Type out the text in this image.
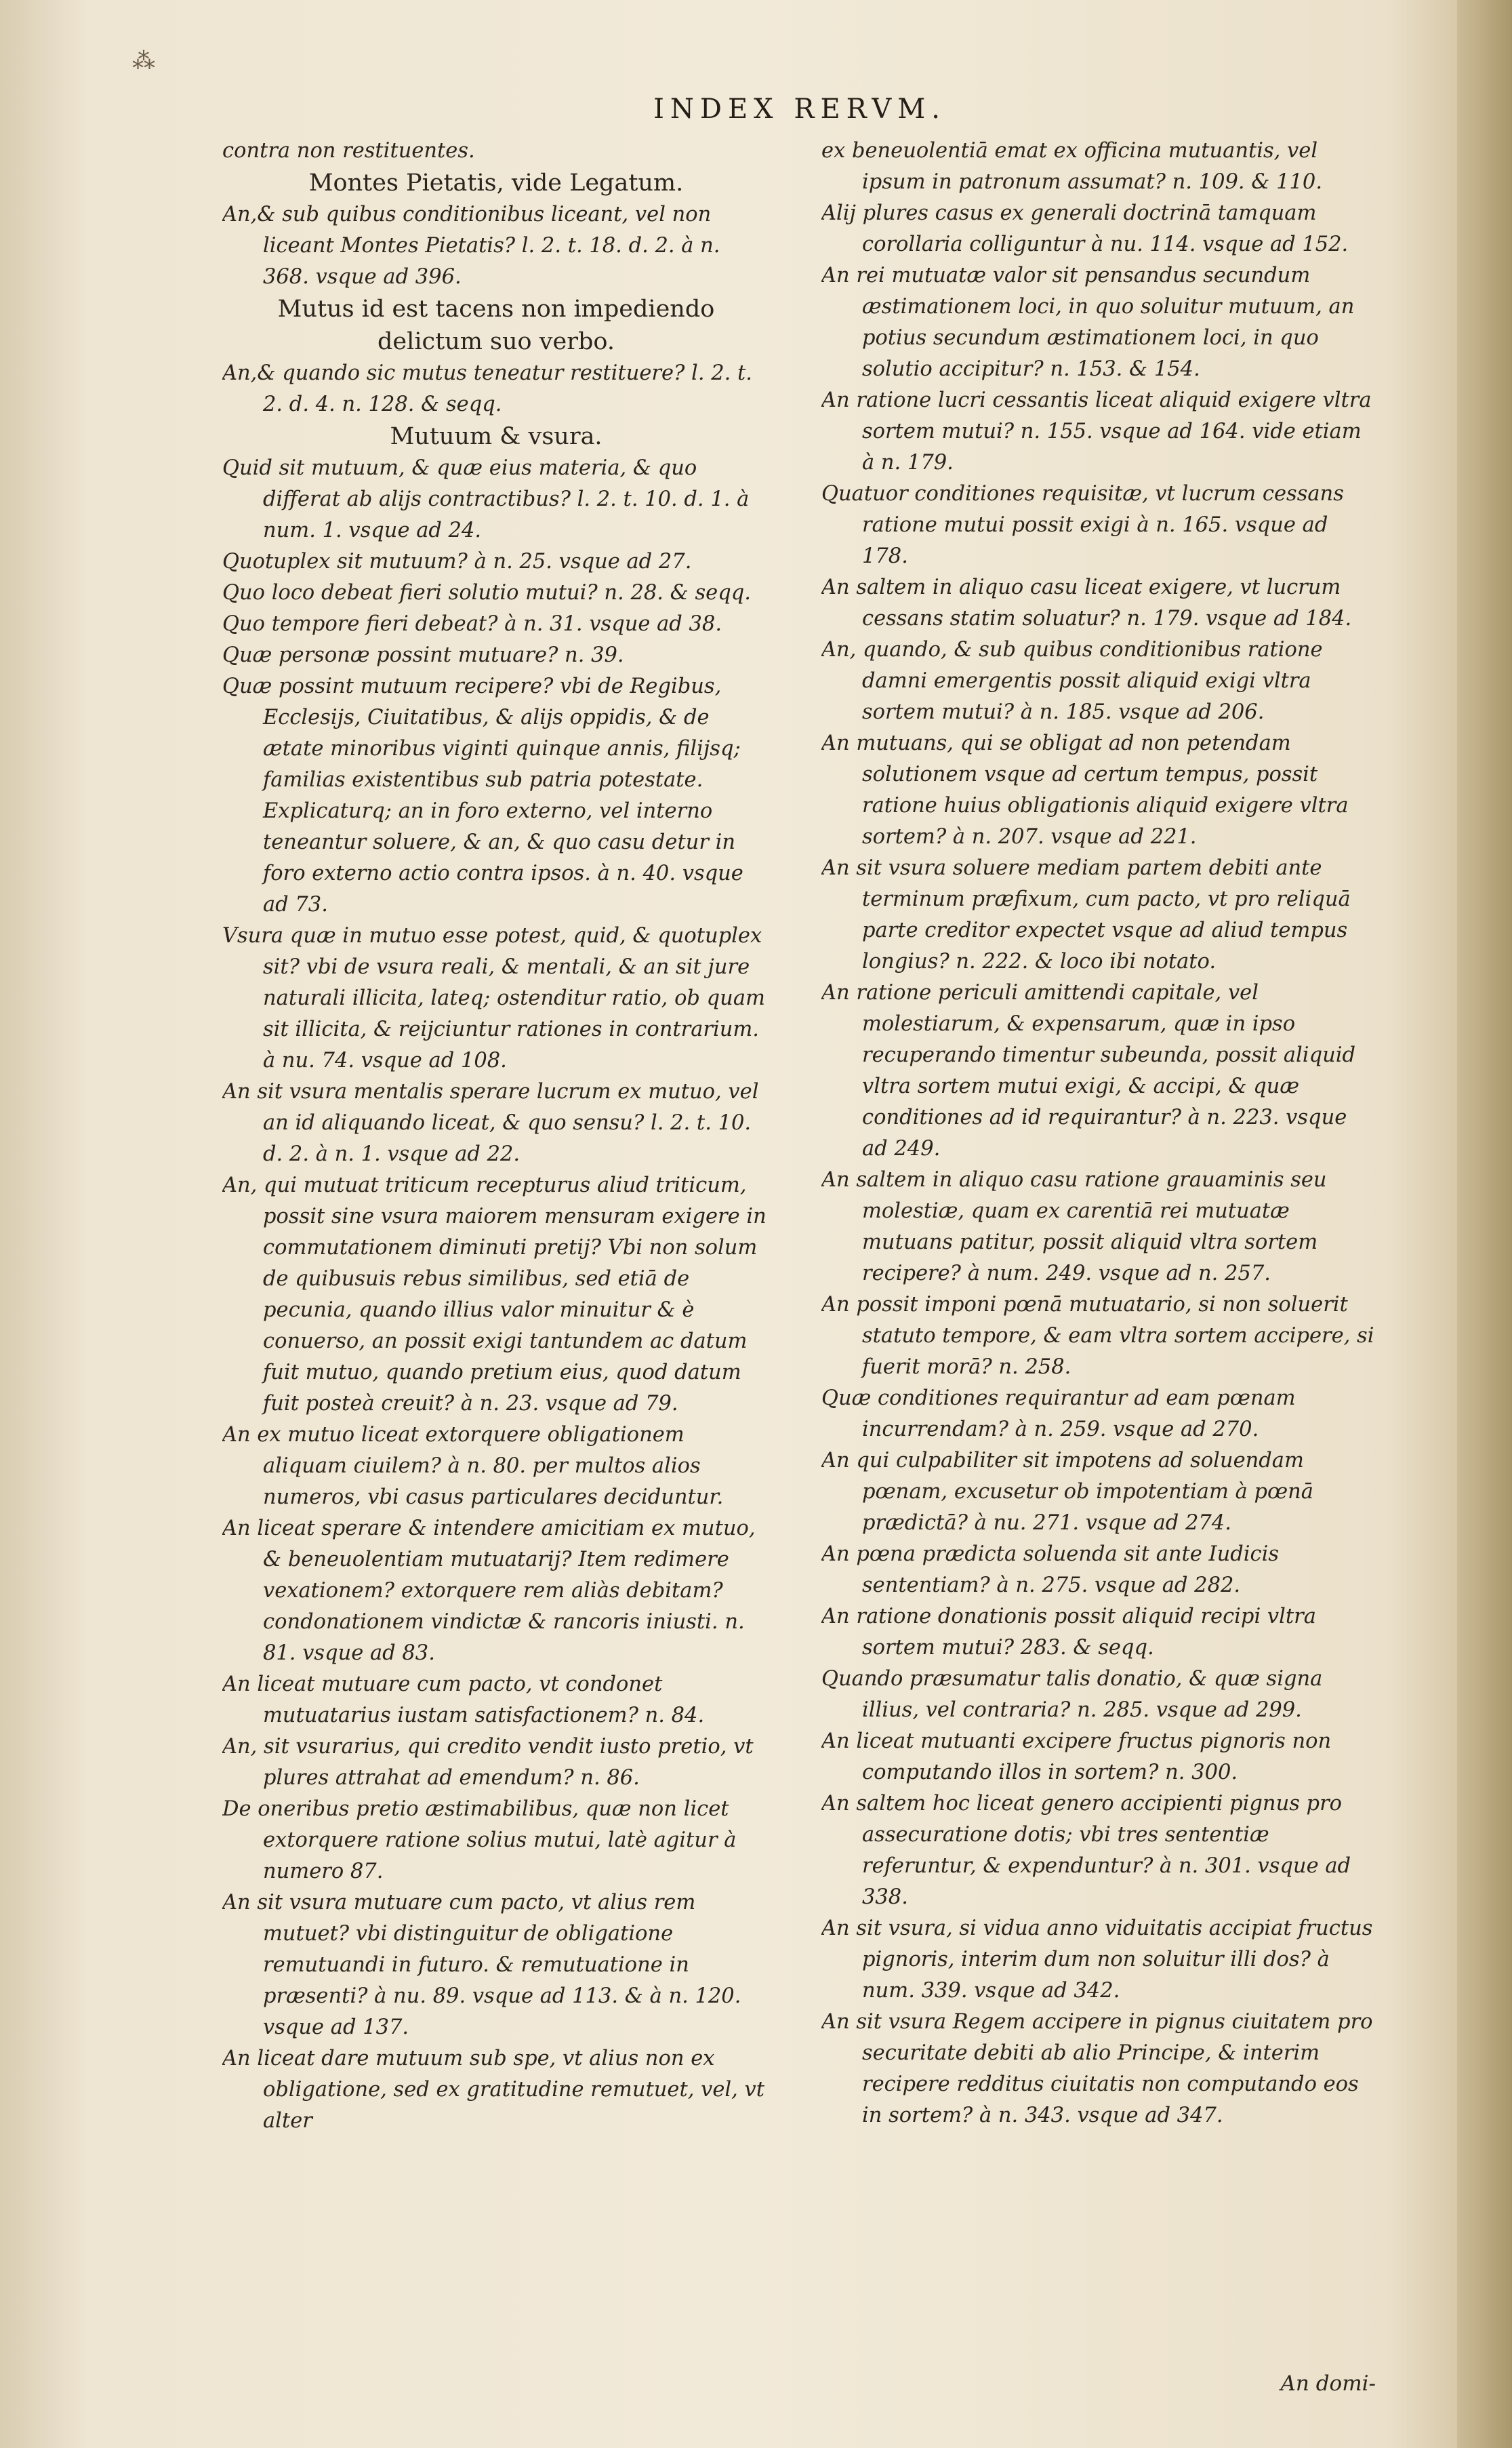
⁂
INDEX RERVM.

contra non restituentes.

Montes Pietatis, vide Legatum.

An,& sub quibus conditionibus liceant, vel non liceant Montes Pietatis? l. 2. t. 18. d. 2. à n. 368. vsque ad 396.

Mutus id est tacens non impediendo delictum suo verbo.

An,& quando sic mutus teneatur restituere? l. 2. t. 2. d. 4. n. 128. & seqq.

Mutuum & vsura.

Quid sit mutuum, & quæ eius materia, & quo differat ab alijs contractibus? l. 2. t. 10. d. 1. à num. 1. vsque ad 24.

Quotuplex sit mutuum? à n. 25. vsque ad 27.

Quo loco debeat fieri solutio mutui? n. 28. & seqq.

Quo tempore fieri debeat? à n. 31. vsque ad 38.

Quæ personæ possint mutuare? n. 39.

Quæ possint mutuum recipere? vbi de Regibus, Ecclesijs, Ciuitatibus, & alijs oppidis, & de ætate minoribus viginti quinque annis, filijsq; familias existentibus sub patria potestate. Explicaturq; an in foro externo, vel interno teneantur soluere, & an, & quo casu detur in foro externo actio contra ipsos. à n. 40. vsque ad 73.

Vsura quæ in mutuo esse potest, quid, & quotuplex sit? vbi de vsura reali, & mentali, & an sit jure naturali illicita, lateq; ostenditur ratio, ob quam sit illicita, & reijciuntur rationes in contrarium. à nu. 74. vsque ad 108.

An sit vsura mentalis sperare lucrum ex mutuo, vel an id aliquando liceat, & quo sensu? l. 2. t. 10. d. 2. à n. 1. vsque ad 22.

An, qui mutuat triticum recepturus aliud triticum, possit sine vsura maiorem mensuram exigere in commutationem diminuti pretij? Vbi non solum de quibusuis rebus similibus, sed etiā de pecunia, quando illius valor minuitur & è conuerso, an possit exigi tantundem ac datum fuit mutuo, quando pretium eius, quod datum fuit posteà creuit? à n. 23. vsque ad 79.

An ex mutuo liceat extorquere obligationem aliquam ciuilem? à n. 80. per multos alios numeros, vbi casus particulares deciduntur.

An liceat sperare & intendere amicitiam ex mutuo, & beneuolentiam mutuatarij? Item redimere vexationem? extorquere rem aliàs debitam? condonationem vindictæ & rancoris iniusti. n. 81. vsque ad 83.

An liceat mutuare cum pacto, vt condonet mutuatarius iustam satisfactionem? n. 84.

An, sit vsurarius, qui credito vendit iusto pretio, vt plures attrahat ad emendum? n. 86.

De oneribus pretio æstimabilibus, quæ non licet extorquere ratione solius mutui, latè agitur à numero 87.

An sit vsura mutuare cum pacto, vt alius rem mutuet? vbi distinguitur de obligatione remutuandi in futuro. & remutuatione in præsenti? à nu. 89. vsque ad 113. & à n. 120. vsque ad 137.

An liceat dare mutuum sub spe, vt alius non ex obligatione, sed ex gratitudine remutuet, vel, vt alter

ex beneuolentiā emat ex officina mutuantis, vel ipsum in patronum assumat? n. 109. & 110.

Alij plures casus ex generali doctrinā tamquam corollaria colliguntur à nu. 114. vsque ad 152.

An rei mutuatæ valor sit pensandus secundum æstimationem loci, in quo soluitur mutuum, an potius secundum æstimationem loci, in quo solutio accipitur? n. 153. & 154.

An ratione lucri cessantis liceat aliquid exigere vltra sortem mutui? n. 155. vsque ad 164. vide etiam à n. 179.

Quatuor conditiones requisitæ, vt lucrum cessans ratione mutui possit exigi à n. 165. vsque ad 178.

An saltem in aliquo casu liceat exigere, vt lucrum cessans statim soluatur? n. 179. vsque ad 184.

An, quando, & sub quibus conditionibus ratione damni emergentis possit aliquid exigi vltra sortem mutui? à n. 185. vsque ad 206.

An mutuans, qui se obligat ad non petendam solutionem vsque ad certum tempus, possit ratione huius obligationis aliquid exigere vltra sortem? à n. 207. vsque ad 221.

An sit vsura soluere mediam partem debiti ante terminum præfixum, cum pacto, vt pro reliquā parte creditor expectet vsque ad aliud tempus longius? n. 222. & loco ibi notato.

An ratione periculi amittendi capitale, vel molestiarum, & expensarum, quæ in ipso recuperando timentur subeunda, possit aliquid vltra sortem mutui exigi, & accipi, & quæ conditiones ad id requirantur? à n. 223. vsque ad 249.

An saltem in aliquo casu ratione grauaminis seu molestiæ, quam ex carentiā rei mutuatæ mutuans patitur, possit aliquid vltra sortem recipere? à num. 249. vsque ad n. 257.

An possit imponi pœnā mutuatario, si non soluerit statuto tempore, & eam vltra sortem accipere, si fuerit morā? n. 258.

Quæ conditiones requirantur ad eam pœnam incurrendam? à n. 259. vsque ad 270.

An qui culpabiliter sit impotens ad soluendam pœnam, excusetur ob impotentiam à pœnā prædictā? à nu. 271. vsque ad 274.

An pœna prædicta soluenda sit ante Iudicis sententiam? à n. 275. vsque ad 282.

An ratione donationis possit aliquid recipi vltra sortem mutui? 283. & seqq.

Quando præsumatur talis donatio, & quæ signa illius, vel contraria? n. 285. vsque ad 299.

An liceat mutuanti excipere fructus pignoris non computando illos in sortem? n. 300.

An saltem hoc liceat genero accipienti pignus pro assecuratione dotis; vbi tres sententiæ referuntur, & expenduntur? à n. 301. vsque ad 338.

An sit vsura, si vidua anno viduitatis accipiat fructus pignoris, interim dum non soluitur illi dos? à num. 339. vsque ad 342.

An sit vsura Regem accipere in pignus ciuitatem pro securitate debiti ab alio Principe, & interim recipere redditus ciuitatis non computando eos in sortem? à n. 343. vsque ad 347.

An domi-
